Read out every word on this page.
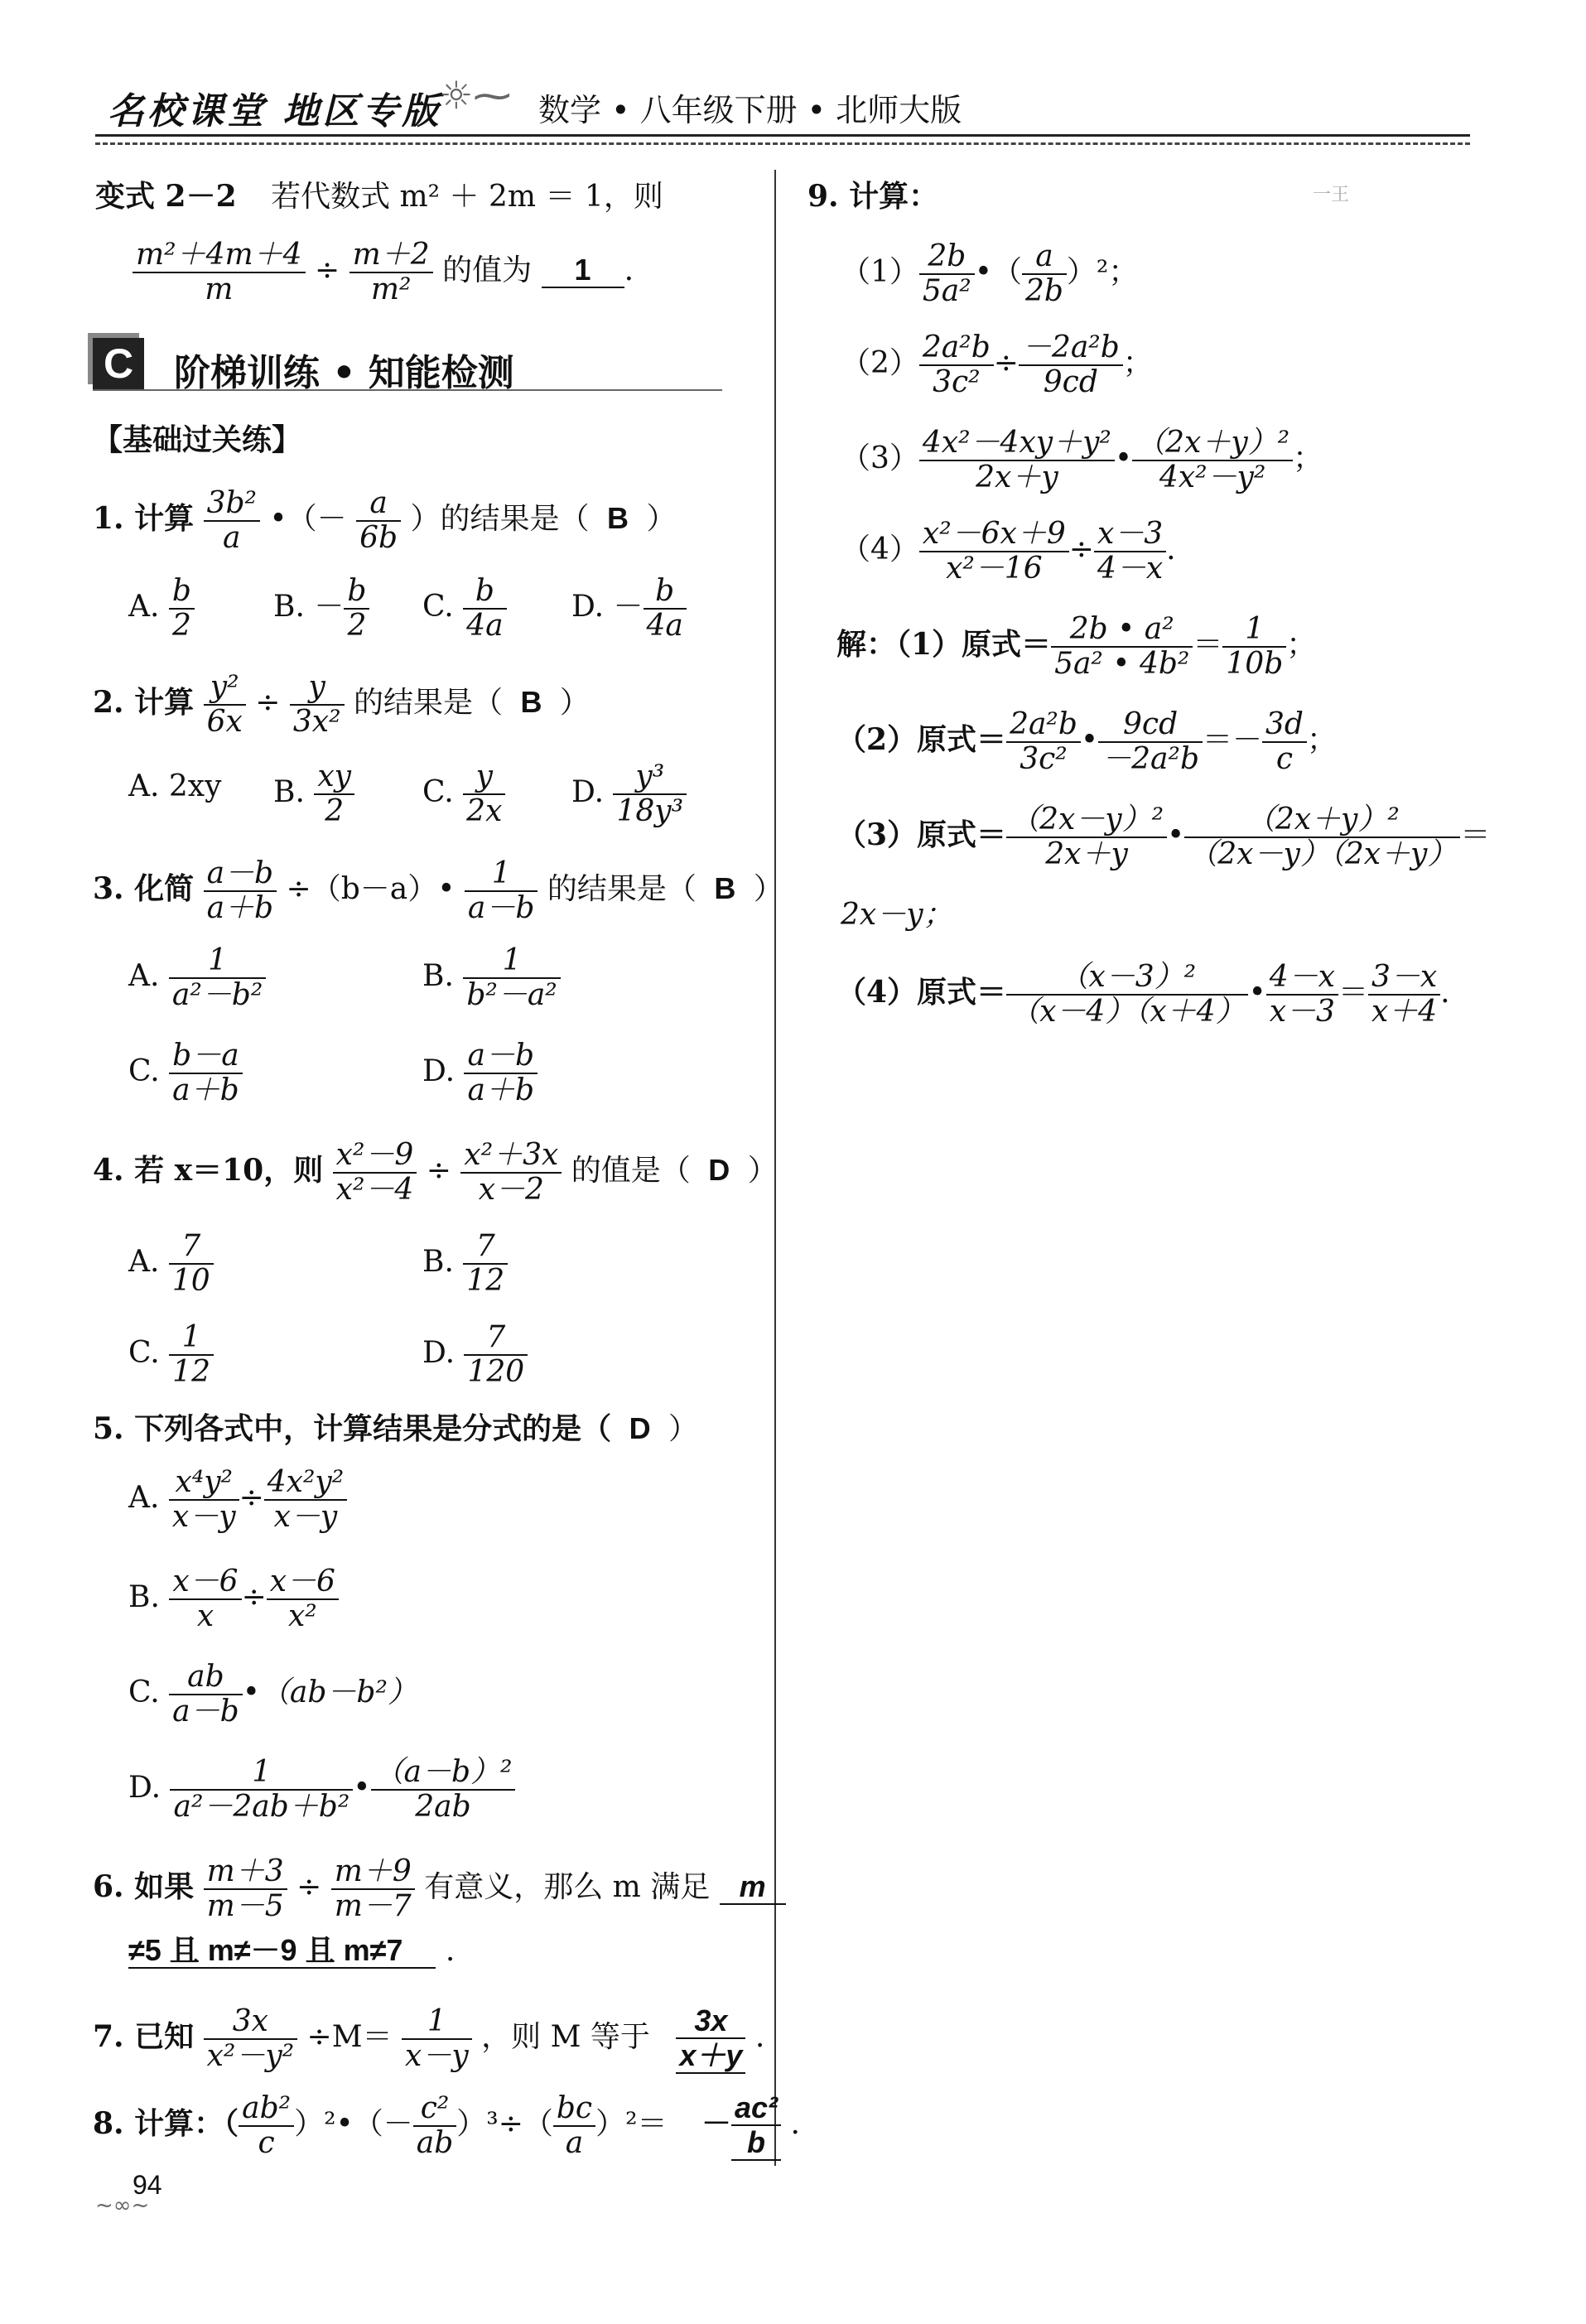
名校课堂 地区专版
☼⁓ 数学 • 八年级下册 • 北师大版
一王
变式 2－2 若代数式 m² ＋ 2m ＝ 1，则
$\frac{\text{m²＋4m＋4}}{m} \div \frac{m+2}{\text{m²}}$ 的值为 1 .
C 阶梯训练 • 知能检测
【基础过关练】
1. 计算 $\frac{\text{3b²}}{a}$ •（－ $\frac{a}{6b}$ ）的结果是（ B ）
A. $\frac{b}{2}$	B. － $\frac{b}{2} C$. $\frac{b}{4a} D$. － $\frac{b}{4a}$
2. 计算 $\frac{\text{y²}}{6x} \div \frac{y}{\text{3x²}}$ 的结果是（ B ）
A. 2xy B. $\frac{xy}{2} C$. $\frac{y}{2x} D$. $\frac{\text{y³}}{\text{18y³}}$
3. 化简 $\frac{a-b}{a+b}$ ÷（b－a）• $\frac{1}{a-b}$ 的结果是（ B ）
A. $\frac{1}{\text{a²－b²}}$	B. $\frac{1}{\text{b²－a²}}$
C. $\frac{b-a}{a+b}$	D. $\frac{a-b}{a+b}$
4. 若 x＝10，则 $\frac{\text{x²－9}}{\text{x²－4}} \div \frac{\text{x²＋3x}}{x-2}$ 的值是（ D ）
A. $\frac{7}{10}$	B. $\frac{7}{12}$
C. $\frac{1}{12}$	D. $\frac{7}{120}$
5. 下列各式中，计算结果是分式的是（ D ）
A. $\frac{\text{x⁴y²}}{x-y} \div \frac{\text{4x²y²}}{x-y}$
B. $\frac{x-6}{x} \div \frac{x-6}{\text{x²}}$
C. $\frac{ab}{a-b}$ •（ab－b²）
D. $\frac{1}{\text{a²－2ab＋b²}}$ • $\frac{\text{（a－b）²}}{2ab}$
6. 如果 $\frac{m+3}{m-5} \div \frac{m+9}{m-7}$ 有意义，那么 m 满足 m
≠5 且 m≠－9 且 m≠7 .
7. 已知 $\frac{3x}{\text{x²－y²}} \div M= \frac{1}{x-y}$ ，则 M 等于 $\frac{3x}{x+y}$ .
8. 计算：（ $\frac{\text{ab²}}{c}$ ）²•（－ $\frac{\text{c²}}{ab} )^3\div( \frac{bc}{a} )^2= - \frac{\text{ac²}}{b}$ .
9. 计算：
$(1) \frac{2b}{\text{5a²}}$ •（ $\frac{a}{2b} )^2$；
$(2) \frac{\text{2a²b}}{\text{3c²}} \div \frac{\text{－2a²b}}{9cd}$ ；
$(3) \frac{\text{4x²－4xy＋y²}}{2x+y}$ • $\frac{\text{（2x＋y）²}}{\text{4x²－y²}}$ ；
$(4) \frac{\text{x²－6x＋9}}{\text{x²－16}} \div \frac{x-3}{4-x}$ .
解：（1）原式＝ $\frac{\text{2b • a²}}{\text{5a² • 4b²}} = \frac{1}{10b}$ ；
（2）原式＝ $\frac{\text{2a²b}}{\text{3c²}}$ • $\frac{9cd}{\text{－2a²b}} =- \frac{3d}{c}$ ；
（3）原式＝ $\frac{\text{（2x－y）²}}{2x+y}$ • $\frac{\text{（2x＋y）²}}{(2x-y)(2x+y)}$ ＝
2x－y；
（4）原式＝ $\frac{\text{（x－3）²}}{(x-4)(x+4)}$ • $\frac{4-x}{x-3} = \frac{3-x}{x+4}$ .
94
~∞~
